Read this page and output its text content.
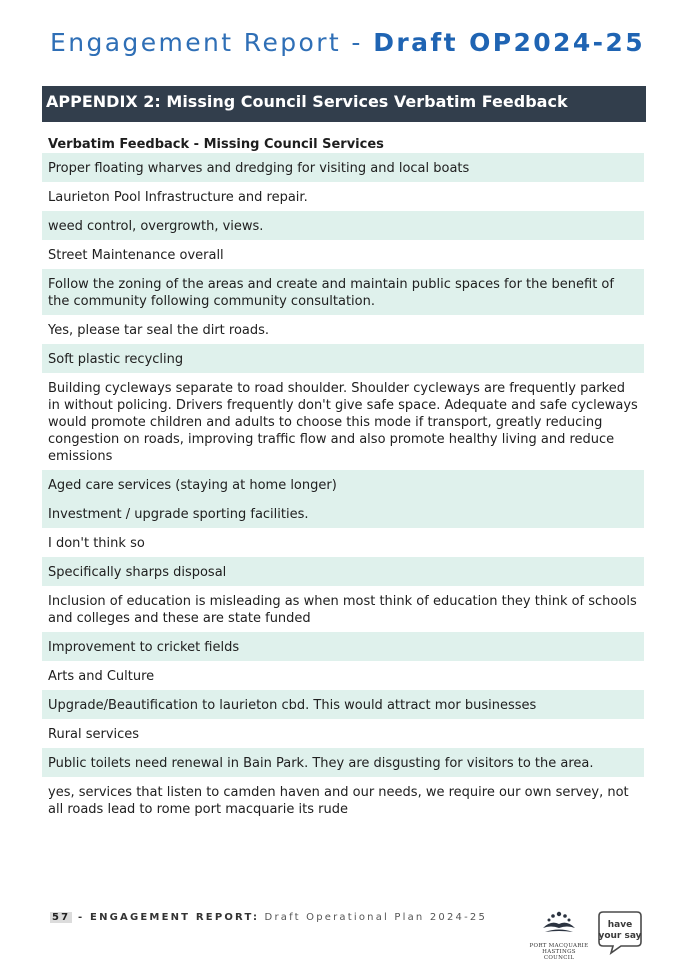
Engagement Report - Draft OP2024-25
APPENDIX 2: Missing Council Services Verbatim Feedback
Verbatim Feedback - Missing Council Services
Proper floating wharves and dredging for visiting and local boats
Laurieton Pool Infrastructure and repair.
weed control, overgrowth, views.
Street Maintenance overall
Follow the zoning of the areas and create and maintain public spaces for the benefit of the community following community consultation.
Yes, please tar seal the dirt roads.
Soft plastic recycling
Building cycleways separate to road shoulder. Shoulder cycleways are frequently parked in without policing. Drivers frequently don't give safe space. Adequate and safe cycleways would promote children and adults to choose this mode if transport, greatly reducing congestion on roads, improving traffic flow and also promote healthy living and reduce emissions
Aged care services (staying at home longer)
Investment / upgrade sporting facilities.
I don't think so
Specifically sharps disposal
Inclusion of education is misleading as when most think of education they think of schools and colleges and these are state funded
Improvement to cricket fields
Arts and Culture
Upgrade/Beautification to laurieton cbd. This would attract mor businesses
Rural services
Public toilets need renewal in Bain Park. They are disgusting for visitors to the area.
yes, services that listen to camden haven and our needs, we require our own servey, not all roads lead to rome port macquarie its rude
57 - ENGAGEMENT REPORT: Draft Operational Plan 2024-25
PORT MACQUARIE
HASTINGS COUNCIL
have
your say
